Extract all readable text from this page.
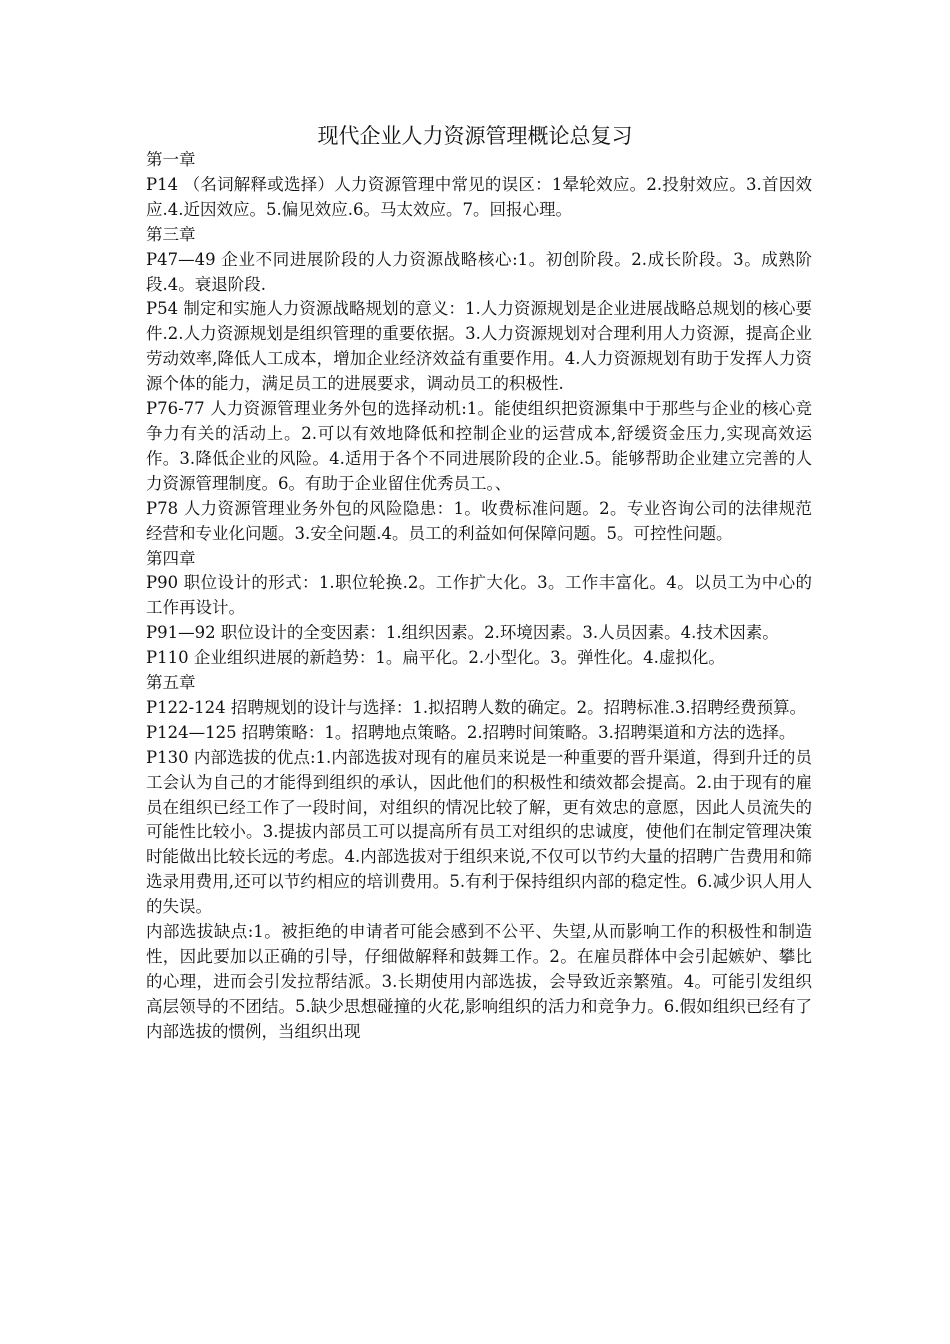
现代企业人力资源管理概论总复习

第一章

P14 （名词解释或选择）人力资源管理中常见的误区：1晕轮效应。2.投射效应。3.首因效应.4.近因效应。5.偏见效应.6。马太效应。7。回报心理。

第三章

P47—49 企业不同进展阶段的人力资源战略核心:1。初创阶段。2.成长阶段。3。成熟阶段.4。衰退阶段.

P54 制定和实施人力资源战略规划的意义：1.人力资源规划是企业进展战略总规划的核心要件.2.人力资源规划是组织管理的重要依据。3.人力资源规划对合理利用人力资源，提高企业劳动效率,降低人工成本，增加企业经济效益有重要作用。4.人力资源规划有助于发挥人力资源个体的能力，满足员工的进展要求，调动员工的积极性.

P76-77 人力资源管理业务外包的选择动机:1。能使组织把资源集中于那些与企业的核心竞争力有关的活动上。2.可以有效地降低和控制企业的运营成本,舒缓资金压力,实现高效运作。3.降低企业的风险。4.适用于各个不同进展阶段的企业.5。能够帮助企业建立完善的人力资源管理制度。6。有助于企业留住优秀员工。、

P78 人力资源管理业务外包的风险隐患：1。收费标准问题。2。专业咨询公司的法律规范经营和专业化问题。3.安全问题.4。员工的利益如何保障问题。5。可控性问题。

第四章

P90 职位设计的形式：1.职位轮换.2。工作扩大化。3。工作丰富化。4。以员工为中心的工作再设计。

P91—92 职位设计的全变因素：1.组织因素。2.环境因素。3.人员因素。4.技术因素。

P110 企业组织进展的新趋势：1。扁平化。2.小型化。3。弹性化。4.虚拟化。

第五章

P122-124 招聘规划的设计与选择：1.拟招聘人数的确定。2。招聘标准.3.招聘经费预算。

P124—125 招聘策略：1。招聘地点策略。2.招聘时间策略。3.招聘渠道和方法的选择。

P130 内部选拔的优点:1.内部选拔对现有的雇员来说是一种重要的晋升渠道，得到升迁的员工会认为自己的才能得到组织的承认，因此他们的积极性和绩效都会提高。2.由于现有的雇员在组织已经工作了一段时间，对组织的情况比较了解，更有效忠的意愿，因此人员流失的可能性比较小。3.提拔内部员工可以提高所有员工对组织的忠诚度，使他们在制定管理决策时能做出比较长远的考虑。4.内部选拔对于组织来说,不仅可以节约大量的招聘广告费用和筛选录用费用,还可以节约相应的培训费用。5.有利于保持组织内部的稳定性。6.减少识人用人的失误。

内部选拔缺点:1。被拒绝的申请者可能会感到不公平、失望,从而影响工作的积极性和制造性，因此要加以正确的引导，仔细做解释和鼓舞工作。2。在雇员群体中会引起嫉妒、攀比的心理，进而会引发拉帮结派。3.长期使用内部选拔，会导致近亲繁殖。4。可能引发组织高层领导的不团结。5.缺少思想碰撞的火花,影响组织的活力和竞争力。6.假如组织已经有了内部选拔的惯例，当组织出现
